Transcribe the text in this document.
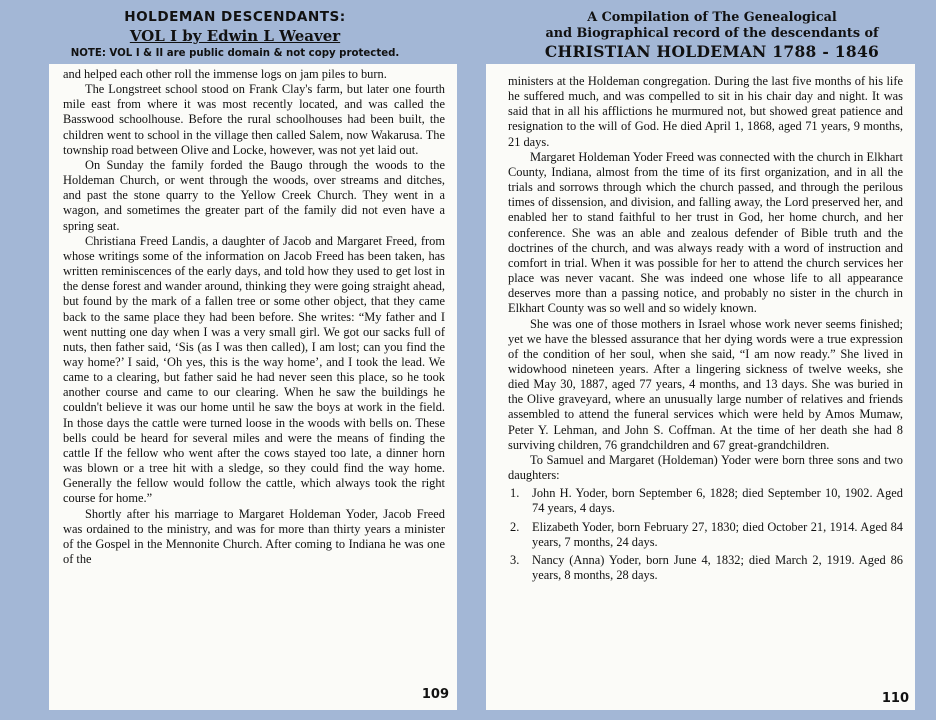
HOLDEMAN DESCENDANTS:
VOL I by Edwin L Weaver
NOTE: VOL I & II are public domain & not copy protected.
A Compilation of The Genealogical
and Biographical record of the descendants of
CHRISTIAN HOLDEMAN 1788 - 1846

and helped each other roll the immense logs on jam piles to burn.

The Longstreet school stood on Frank Clay's farm, but later one fourth mile east from where it was most recently located, and was called the Basswood schoolhouse. Before the rural schoolhouses had been built, the children went to school in the village then called Salem, now Wakarusa. The township road between Olive and Locke, however, was not yet laid out.

On Sunday the family forded the Baugo through the woods to the Holdeman Church, or went through the woods, over streams and ditches, and past the stone quarry to the Yellow Creek Church. They went in a wagon, and sometimes the greater part of the family did not even have a spring seat.

Christiana Freed Landis, a daughter of Jacob and Margaret Freed, from whose writings some of the information on Jacob Freed has been taken, has written reminiscences of the early days, and told how they used to get lost in the dense forest and wander around, thinking they were going straight ahead, but found by the mark of a fallen tree or some other object, that they came back to the same place they had been before. She writes: “My father and I went nutting one day when I was a very small girl. We got our sacks full of nuts, then father said, ‘Sis (as I was then called), I am lost; can you find the way home?’ I said, ‘Oh yes, this is the way home’, and I took the lead. We came to a clearing, but father said he had never seen this place, so he took another course and came to our clearing. When he saw the buildings he couldn't believe it was our home until he saw the boys at work in the field. In those days the cattle were turned loose in the woods with bells on. These bells could be heard for several miles and were the means of finding the cattle If the fellow who went after the cows stayed too late, a dinner horn was blown or a tree hit with a sledge, so they could find the way home. Generally the fellow would follow the cattle, which always took the right course for home.”

Shortly after his marriage to Margaret Holdeman Yoder, Jacob Freed was ordained to the ministry, and was for more than thirty years a minister of the Gospel in the Mennonite Church. After coming to Indiana he was one of the

109

ministers at the Holdeman congregation. During the last five months of his life he suffered much, and was compelled to sit in his chair day and night. It was said that in all his afflictions he murmured not, but showed great patience and resignation to the will of God. He died April 1, 1868, aged 71 years, 9 months, 21 days.

Margaret Holdeman Yoder Freed was connected with the church in Elkhart County, Indiana, almost from the time of its first organization, and in all the trials and sorrows through which the church passed, and through the perilous times of dissension, and division, and falling away, the Lord preserved her, and enabled her to stand faithful to her trust in God, her home church, and her conference. She was an able and zealous defender of Bible truth and the doctrines of the church, and was always ready with a word of instruction and comfort in trial. When it was possible for her to attend the church services her place was never vacant. She was indeed one whose life to all appearance deserves more than a passing notice, and probably no sister in the church in Elkhart County was so well and so widely known.

She was one of those mothers in Israel whose work never seems finished; yet we have the blessed assurance that her dying words were a true expression of the condition of her soul, when she said, “I am now ready.” She lived in widowhood nineteen years. After a lingering sickness of twelve weeks, she died May 30, 1887, aged 77 years, 4 months, and 13 days. She was buried in the Olive graveyard, where an unusually large number of relatives and friends assembled to attend the funeral services which were held by Amos Mumaw, Peter Y. Lehman, and John S. Coffman. At the time of her death she had 8 surviving children, 76 grandchildren and 67 great-grandchildren.

To Samuel and Margaret (Holdeman) Yoder were born three sons and two daughters:

1. John H. Yoder, born September 6, 1828; died September 10, 1902. Aged 74 years, 4 days.
2. Elizabeth Yoder, born February 27, 1830; died October 21, 1914. Aged 84 years, 7 months, 24 days.
3. Nancy (Anna) Yoder, born June 4, 1832; died March 2, 1919. Aged 86 years, 8 months, 28 days.
110
